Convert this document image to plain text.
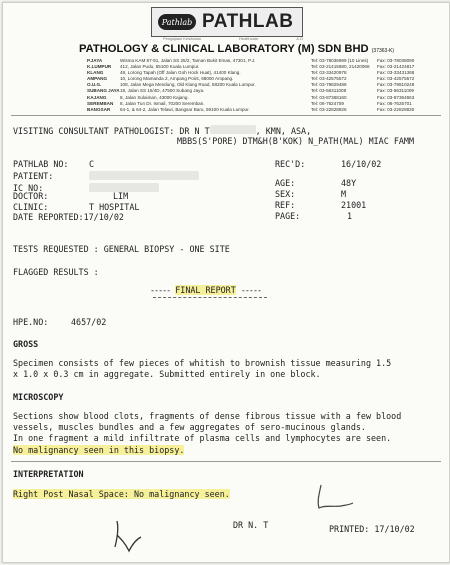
Pathlab PATHLAB
Pengajaan Kesihatan	Healthcare	& D
PATHOLOGY & CLINICAL LABORATORY (M) SDN BHD (37363-K)
P.JAYA	Wisma KAM 87-91, Jalan SS 25/2, Taman Bukit Emas, 47301, P.J.	Tel: 03-78036999 (10 Lines)	Fax: 03-78038090
K.LUMPUR	412, Jalan Pudu, 55100 Kuala Lumpur.	Tel: 03-21415680, 21420068	Fax: 03-21424817
KLANG	48, Lorong Tapah (Off Jalan Goh Hock Huat), 41400 Klang.	Tel: 03-33420978	Fax: 03-33431368
AMPANG	10, Lorong Mamanda 2, Ampang Point, 68000 Ampang.	Tel: 03-42575572	Fax: 03-42575572
O.U.G.	108, Jalan Mega Mendung, Old Klang Road, 58200 Kuala Lumpur.	Tel: 03-79829488	Fax: 03-79810248
SUBANG JAYA 18, Jalan SS 15/4D, 47500 Subang Jaya.	Tel: 03-56311008	Fax: 03-56311009
KAJANG	8, Jalan Sulaiman, 43000 Kajang.	Tel: 03-87368160	Fax: 03-87364663
SEREMBAN	8, Jalan Tun Dr. Ismail, 70200 Seremban.	Tel: 06-7624759	Fax: 06-7625701
BANGSAR	64-1, & 64-2, Jalan Telawi, Bangsar Baru, 59100 Kuala Lumpur.	Tel: 03-22828926	Fax: 03-22828830
VISITING CONSULTANT PATHOLOGIST: DR N T	, KMN, ASA,
MBBS(S'PORE) DTM&H(B'KOK) N_PATH(MAL) MIAC FAMM
PATHLAB NO: C
PATIENT:
IC NO:
DOCTOR:	LIM
CLINIC:	T HOSPITAL
DATE REPORTED:17/10/02
REC'D:	16/10/02
AGE:	48Y
SEX:	M
REF:	21001
PAGE:	1
TESTS REQUESTED : GENERAL BIOPSY - ONE SITE
FLAGGED RESULTS :
----- FINAL REPORT -----
HPE.NO:	4657/02
GROSS
Specimen consists of few pieces of whitish to brownish tissue measuring 1.5
x 1.0 x 0.3 cm in aggregate. Submitted entirely in one block.
MICROSCOPY
Sections show blood clots, fragments of dense fibrous tissue with a few blood
vessels, muscles bundles and a few aggregates of sero-mucinous glands.
In one fragment a mild infiltrate of plasma cells and lymphocytes are seen.
No malignancy seen in this biopsy.
INTERPRETATION
Right Post Nasal Space: No malignancy seen.
DR N. T	PRINTED: 17/10/02
